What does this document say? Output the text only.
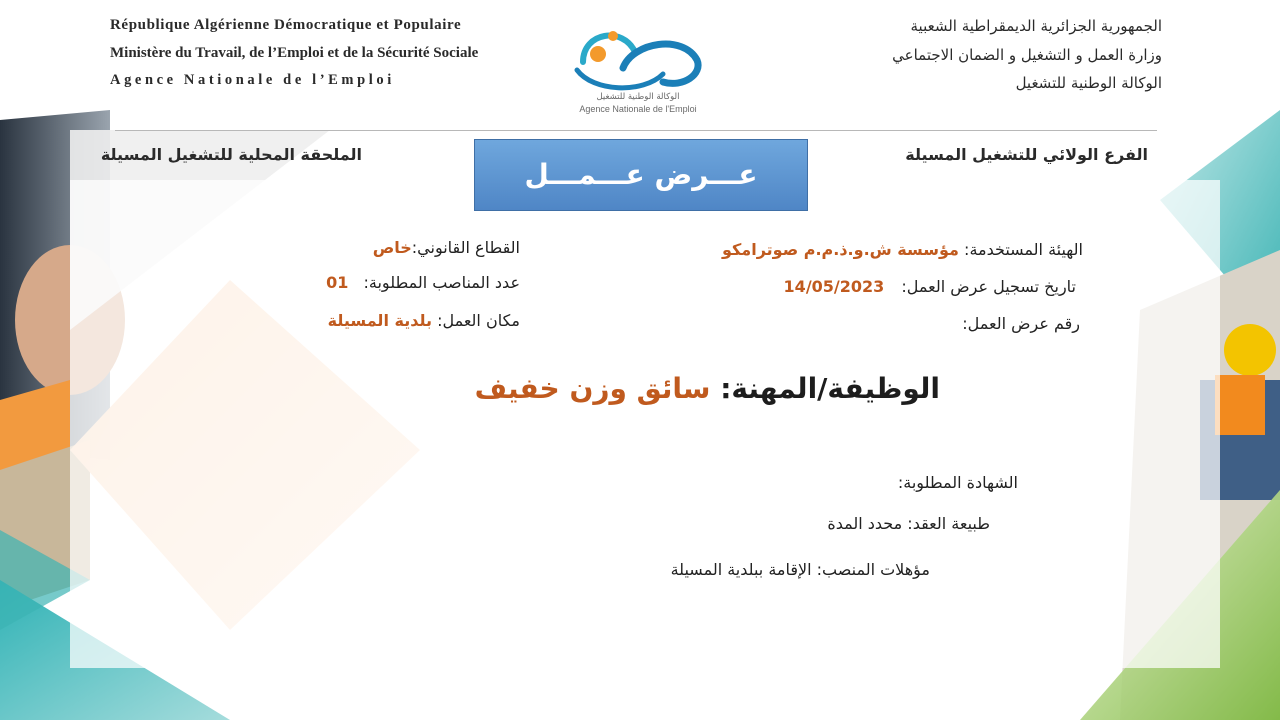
République Algérienne Démocratique et Populaire
Ministère du Travail, de l’Emploi et de la Sécurité Sociale
Agence Nationale de l’Emploi
الجمهورية الجزائرية الديمقراطية الشعبية
وزارة العمل و التشغيل و الضمان الاجتماعي
الوكالة الوطنية للتشغيل
الوكالة الوطنية للتشغيل
Agence Nationale de l'Emploi
الفرع الولائي للتشغيل المسيلة
الملحقة المحلية للتشغيل المسيلة
عـــرض عـــمـــل
الهيئة المستخدمة: مؤسسة ش.و.ذ.م.م صوترامكو
تاريخ تسجيل عرض العمل: 14/05/2023
رقم عرض العمل:
القطاع القانوني:خاص
عدد المناصب المطلوبة: 01
مكان العمل: بلدية المسيلة
الوظيفة/المهنة: سائق وزن خفيف
الشهادة المطلوبة:
طبيعة العقد: محدد المدة
مؤهلات المنصب: الإقامة ببلدية المسيلة
